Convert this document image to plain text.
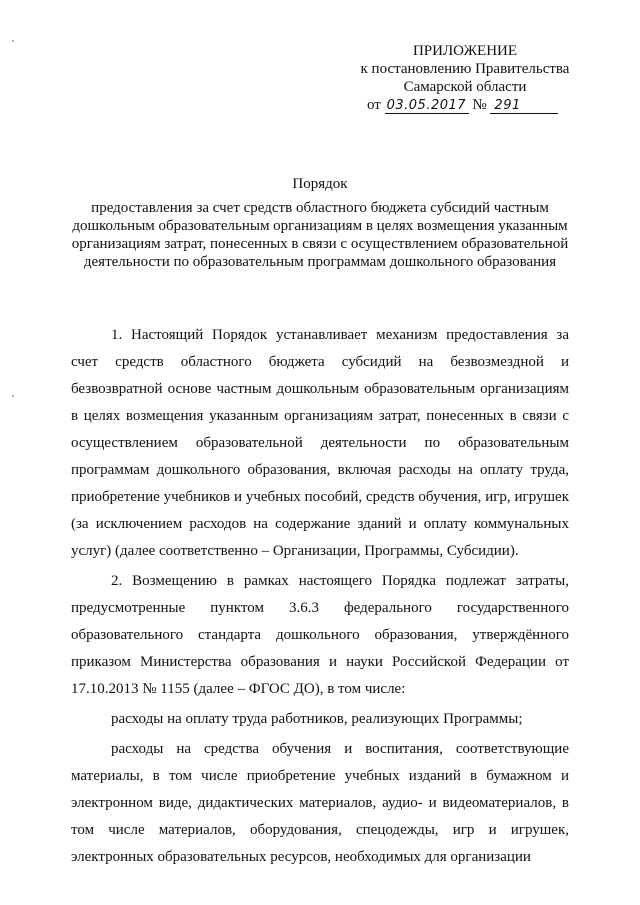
ПРИЛОЖЕНИЕ
к постановлению Правительства
Самарской области
от 03.05.2017 № 291
Порядок
предоставления за счет средств областного бюджета субсидий частным дошкольным образовательным организациям в целях возмещения указанным организациям затрат, понесенных в связи с осуществлением образовательной деятельности по образовательным программам дошкольного образования

1. Настоящий Порядок устанавливает механизм предоставления за счет средств областного бюджета субсидий на безвозмездной и безвозвратной основе частным дошкольным образовательным организациям в целях возмещения указанным организациям затрат, понесенных в связи с осуществлением образовательной деятельности по образовательным программам дошкольного образования, включая расходы на оплату труда, приобретение учебников и учебных пособий, средств обучения, игр, игрушек (за исключением расходов на содержание зданий и оплату коммунальных услуг) (далее соответственно – Организации, Программы, Субсидии).

2. Возмещению в рамках настоящего Порядка подлежат затраты, предусмотренные пунктом 3.6.3 федерального государственного образовательного стандарта дошкольного образования, утверждённого приказом Министерства образования и науки Российской Федерации от 17.10.2013 № 1155 (далее – ФГОС ДО), в том числе:

расходы на оплату труда работников, реализующих Программы;

расходы на средства обучения и воспитания, соответствующие материалы, в том числе приобретение учебных изданий в бумажном и электронном виде, дидактических материалов, аудио- и видеоматериалов, в том числе материалов, оборудования, спецодежды, игр и игрушек, электронных образовательных ресурсов, необходимых для организации
